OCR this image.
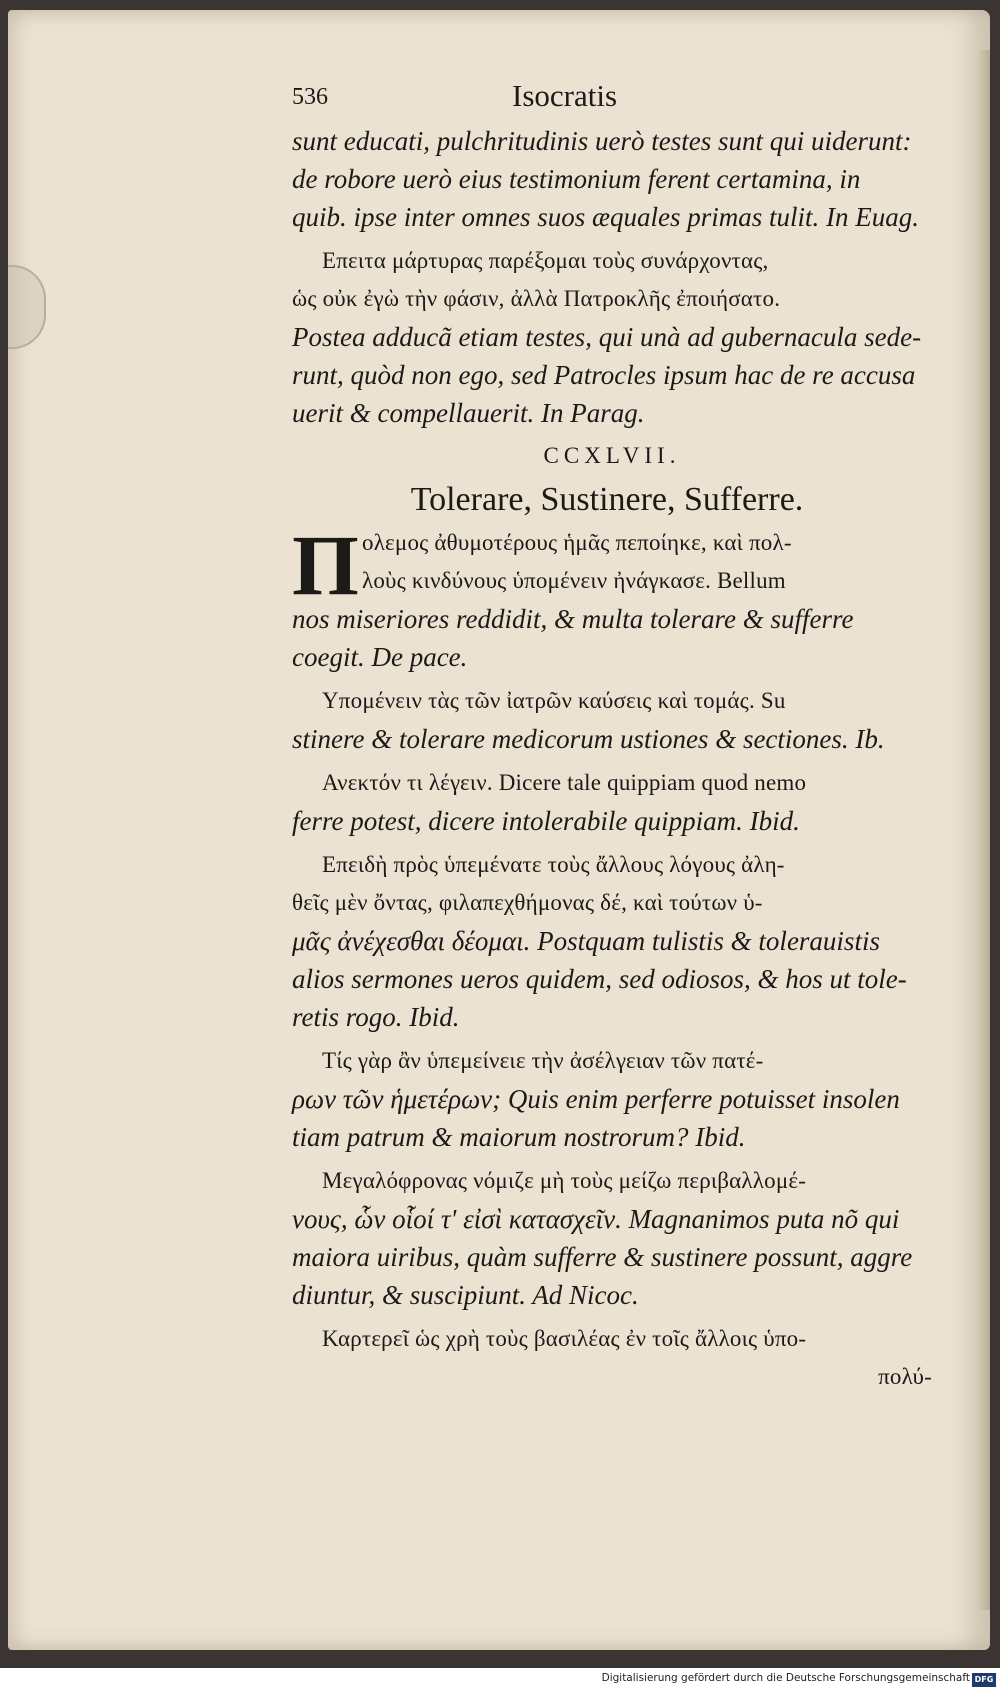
536	Isocratis
sunt educati, pulchritudinis uerò testes sunt qui uiderunt:
de robore uerò eius testimonium ferent certamina, in
quib. ipse inter omnes suos æquales primas tulit. In Euag.
Επειτα μάρτυρας παρέξομαι τοὺς συνάρχοντας,
ὡς οὐκ ἐγὼ τὴν φάσιν, ἀλλὰ Πατροκλῆς ἐποιήσατο.
Postea adducã etiam testes, qui unà ad gubernacula sede-
runt, quòd non ego, sed Patrocles ipsum hac de re accusa
uerit & compellauerit. In Parag.
CCXLVII.
Tolerare, Sustinere, Sufferre.
Π ολεμος ἀθυμοτέρους ἡμᾶς πεποίηκε, καὶ πολ-
λοὺς κινδύνους ὑπομένειν ἠνάγκασε. Bellum
nos miseriores reddidit, & multa tolerare & sufferre
coegit. De pace.
Υπομένειν τὰς τῶν ἰατρῶν καύσεις καὶ τομάς. Su
stinere & tolerare medicorum ustiones & sectiones. Ib.
Ανεκτόν τι λέγειν. Dicere tale quippiam quod nemo
ferre potest, dicere intolerabile quippiam. Ibid.
Επειδὴ πρὸς ὑπεμένατε τοὺς ἄλλους λόγους ἀλη-
θεῖς μὲν ὄντας, φιλαπεχθήμονας δέ, καὶ τούτων ὑ-
μᾶς ἀνέχεσθαι δέομαι. Postquam tulistis & tolerauistis
alios sermones ueros quidem, sed odiosos, & hos ut tole-
retis rogo. Ibid.
Τίς γὰρ ἂν ὑπεμείνειε τὴν ἀσέλγειαν τῶν πατέ-
ρων τῶν ἡμετέρων; Quis enim perferre potuisset insolen
tiam patrum & maiorum nostrorum? Ibid.
Μεγαλόφρονας νόμιζε μὴ τοὺς μείζω περιβαλλομέ-
νους, ὧν οἷοί τ' εἰσὶ κατασχεῖν. Magnanimos puta nõ qui
maiora uiribus, quàm sufferre & sustinere possunt, aggre
diuntur, & suscipiunt. Ad Nicoc.
Καρτερεῖ ὡς χρὴ τοὺς βασιλέας ἐν τοῖς ἄλλοις ὑπο-
πολύ-
Digitalisierung gefördert durch die Deutsche Forschungsgemeinschaft DFG
